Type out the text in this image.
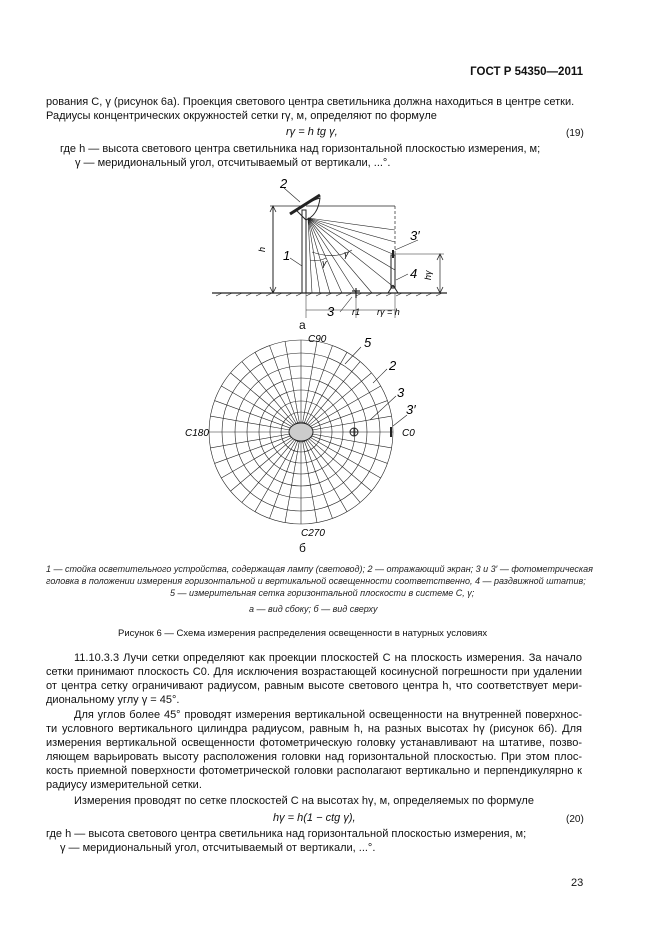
ГОСТ Р 54350—2011
рования C, γ (рисунок 6а). Проекция светового центра светильника должна находиться в центре сетки.
Радиусы концентрических окружностей сетки rγ, м, определяют по формуле
rγ = h tg γ,	(19)
где h — высота светового центра светильника над горизонтальной плоскостью измерения, м;
γ — меридиональный угол, отсчитываемый от вертикали, ...°.
2
1
3
3′
4
h
hγ
γ
γ
r1 rγ = h
а
C90
C180	C0
C270
5
2
3
3′
б
1 — стойка осветительного устройства, содержащая лампу (световод); 2 — отражающий экран; 3 и 3′ — фотометрическая
головка в положении измерения горизонтальной и вертикальной освещенности соответственно, 4 — раздвижной штатив;
5 — измерительная сетка горизонтальной плоскости в системе C, γ;
а — вид сбоку; б — вид сверху
Рисунок 6 — Схема измерения распределения освещенности в натурных условиях
11.10.3.3 Лучи сетки определяют как проекции плоскостей C на плоскость измерения. За начало
сетки принимают плоскость C0. Для исключения возрастающей косинусной погрешности при удалении
от центра сетку ограничивают радиусом, равным высоте светового центра h, что соответствует мери-
диональному углу γ = 45°.
Для углов более 45° проводят измерения вертикальной освещенности на внутренней поверхнос-
ти условного вертикального цилиндра радиусом, равным h, на разных высотах hγ (рисунок 6б). Для
измерения вертикальной освещенности фотометрическую головку устанавливают на штативе, позво-
ляющем варьировать высоту расположения головки над горизонтальной плоскостью. При этом плос-
кость приемной поверхности фотометрической головки располагают вертикально и перпендикулярно к
радиусу измерительной сетки.
Измерения проводят по сетке плоскостей C на высотах hγ, м, определяемых по формуле
hγ = h(1 − ctg γ),	(20)
где h — высота светового центра светильника над горизонтальной плоскостью измерения, м;
γ — меридиональный угол, отсчитываемый от вертикали, ...°.
23
